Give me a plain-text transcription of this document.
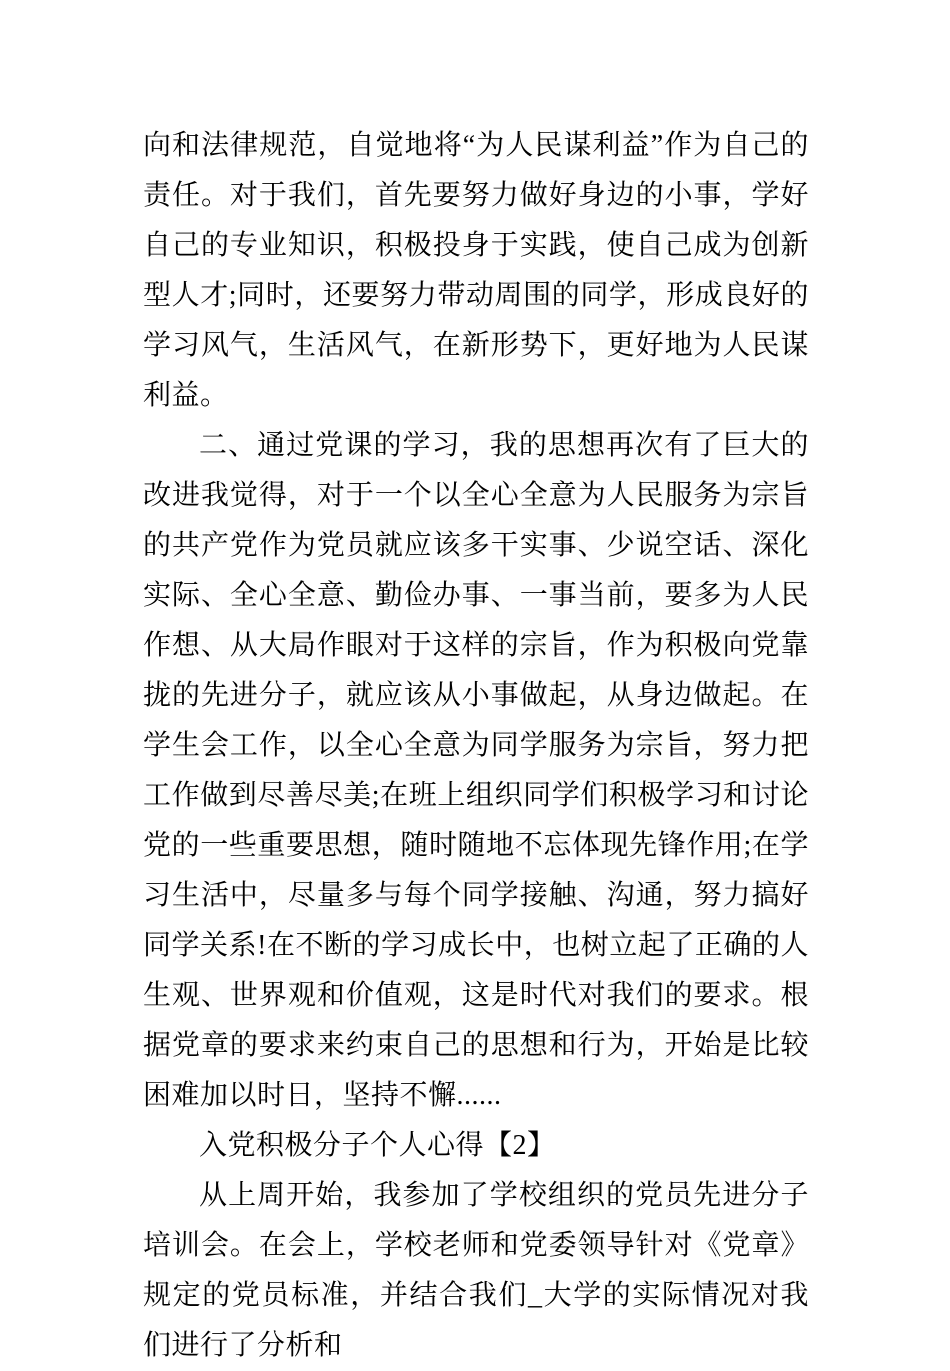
向和法律规范，自觉地将“为人民谋利益”作为自己的责任。对于我们，首先要努力做好身边的小事，学好自己的专业知识，积极投身于实践，使自己成为创新型人才;同时，还要努力带动周围的同学，形成良好的学习风气，生活风气，在新形势下，更好地为人民谋利益。

二、通过党课的学习，我的思想再次有了巨大的改进我觉得，对于一个以全心全意为人民服务为宗旨的共产党作为党员就应该多干实事、少说空话、深化实际、全心全意、勤俭办事、一事当前，要多为人民作想、从大局作眼对于这样的宗旨，作为积极向党靠拢的先进分子，就应该从小事做起，从身边做起。在学生会工作，以全心全意为同学服务为宗旨，努力把工作做到尽善尽美;在班上组织同学们积极学习和讨论党的一些重要思想，随时随地不忘体现先锋作用;在学习生活中，尽量多与每个同学接触、沟通，努力搞好同学关系!在不断的学习成长中，也树立起了正确的人生观、世界观和价值观，这是时代对我们的要求。根据党章的要求来约束自己的思想和行为，开始是比较困难加以时日，坚持不懈......

入党积极分子个人心得【2】

从上周开始，我参加了学校组织的党员先进分子培训会。在会上，学校老师和党委领导针对《党章》规定的党员标准，并结合我们_大学的实际情况对我们进行了分析和
